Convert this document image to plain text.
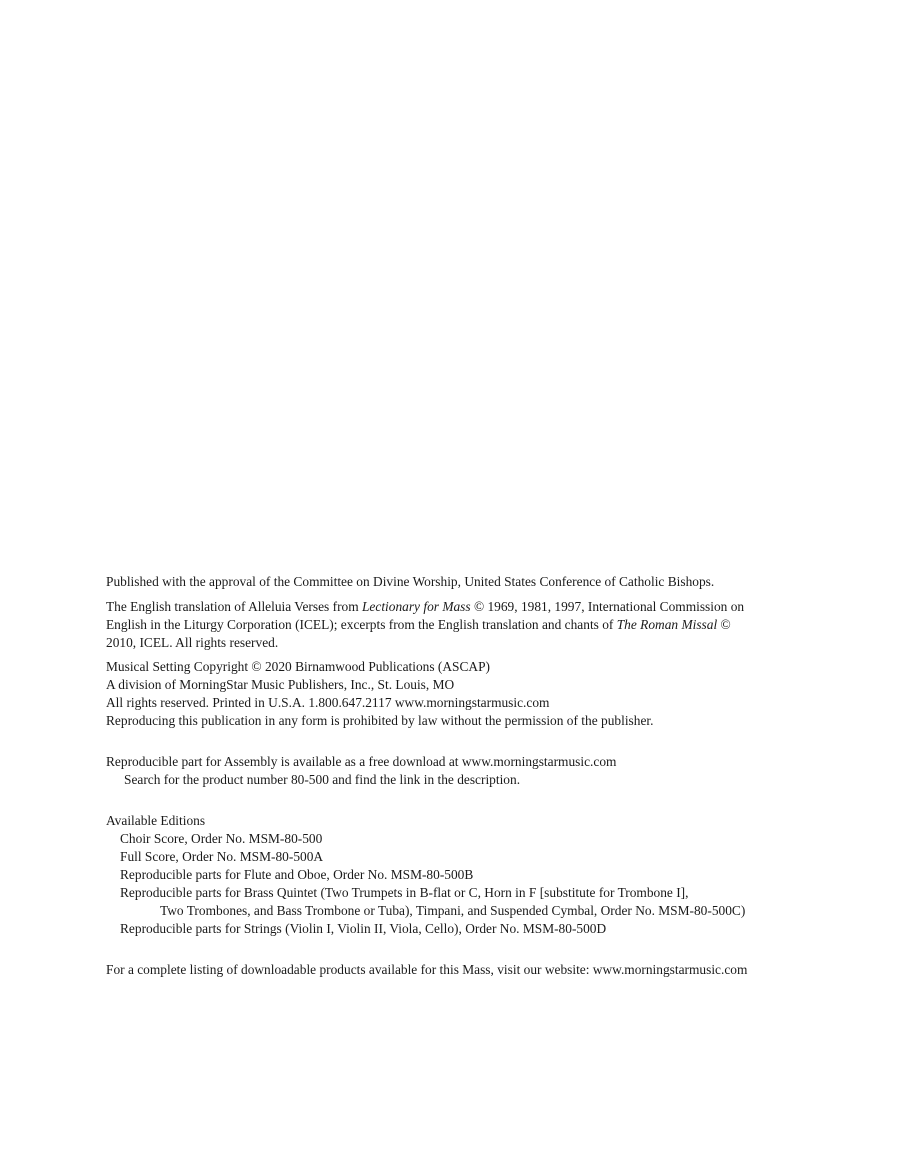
Published with the approval of the Committee on Divine Worship, United States Conference of Catholic Bishops.
The English translation of Alleluia Verses from Lectionary for Mass © 1969, 1981, 1997, International Commission on
English in the Liturgy Corporation (ICEL); excerpts from the English translation and chants of The Roman Missal ©
2010, ICEL. All rights reserved.
Musical Setting Copyright © 2020 Birnamwood Publications (ASCAP)
A division of MorningStar Music Publishers, Inc., St. Louis, MO
All rights reserved. Printed in U.S.A. 1.800.647.2117 www.morningstarmusic.com
Reproducing this publication in any form is prohibited by law without the permission of the publisher.
Reproducible part for Assembly is available as a free download at www.morningstarmusic.com
Search for the product number 80-500 and find the link in the description.
Available Editions
Choir Score, Order No. MSM-80-500
Full Score, Order No. MSM-80-500A
Reproducible parts for Flute and Oboe, Order No. MSM-80-500B
Reproducible parts for Brass Quintet (Two Trumpets in B-flat or C, Horn in F [substitute for Trombone I],
Two Trombones, and Bass Trombone or Tuba), Timpani, and Suspended Cymbal, Order No. MSM-80-500C)
Reproducible parts for Strings (Violin I, Violin II, Viola, Cello), Order No. MSM-80-500D
For a complete listing of downloadable products available for this Mass, visit our website: www.morningstarmusic.com
